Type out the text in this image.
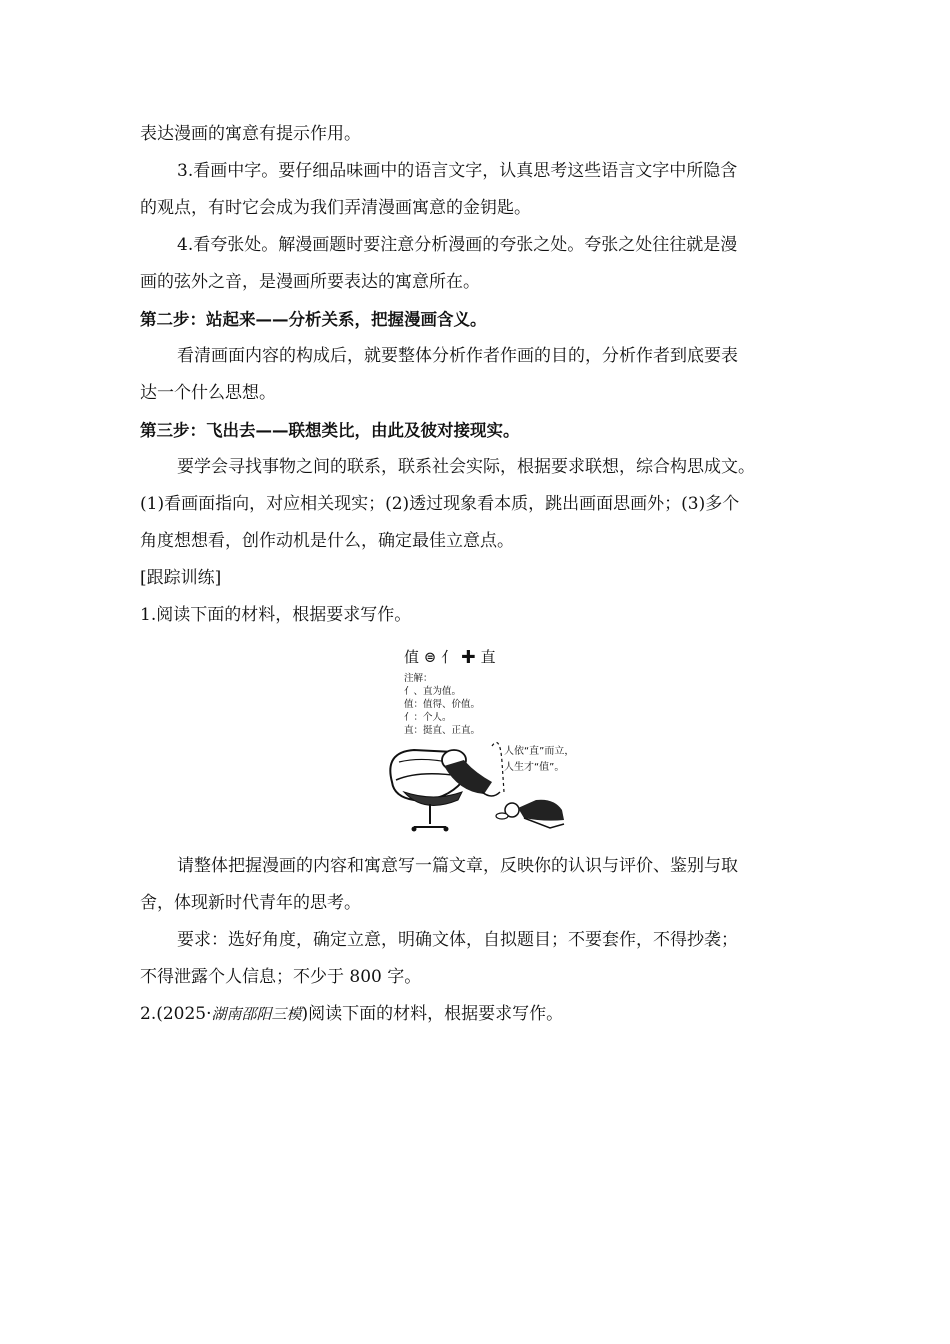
表达漫画的寓意有提示作用。

3.看画中字。要仔细品味画中的语言文字，认真思考这些语言文字中所隐含

的观点，有时它会成为我们弄清漫画寓意的金钥匙。

4.看夸张处。解漫画题时要注意分析漫画的夸张之处。夸张之处往往就是漫

画的弦外之音，是漫画所要表达的寓意所在。

第二步：站起来——分析关系，把握漫画含义。

看清画面内容的构成后，就要整体分析作者作画的目的，分析作者到底要表

达一个什么思想。

第三步：飞出去——联想类比，由此及彼对接现实。

要学会寻找事物之间的联系，联系社会实际，根据要求联想，综合构思成文。

(1)看画面指向，对应相关现实；(2)透过现象看本质，跳出画面思画外；(3)多个

角度想想看，创作动机是什么，确定最佳立意点。

[跟踪训练]

1.阅读下面的材料，根据要求写作。

值 ⊜ 亻 ✚ 直
注解：
亻、直为值。
值：值得、价值。
亻：个人。
直：挺直、正直。
人依“直”而立，
人生才“值”。

请整体把握漫画的内容和寓意写一篇文章，反映你的认识与评价、鉴别与取

舍，体现新时代青年的思考。

要求：选好角度，确定立意，明确文体，自拟题目；不要套作，不得抄袭；

不得泄露个人信息；不少于 800 字。

2.(2025·湖南邵阳三模)阅读下面的材料，根据要求写作。
